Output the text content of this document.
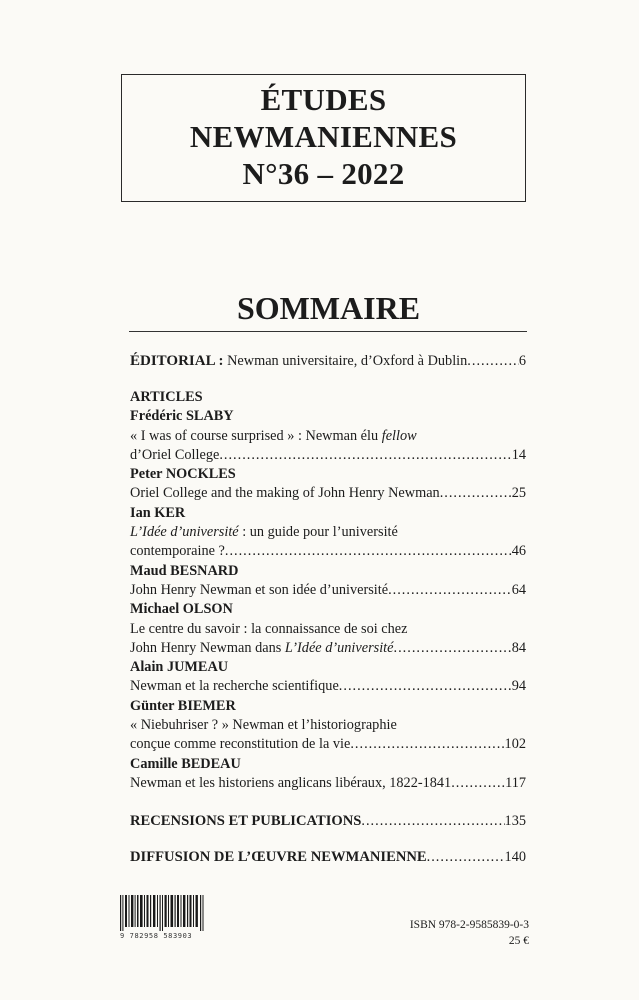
ÉTUDES
NEWMANIENNES
N°36 – 2022
SOMMAIRE
ÉDITORIAL : Newman universitaire, d’Oxford à Dublin .....	6
ARTICLES
Frédéric SLABY
« I was of course surprised » : Newman élu fellow
d’Oriel College .....	14
Peter NOCKLES
Oriel College and the making of John Henry Newman .....	25
Ian KER
L’Idée d’université : un guide pour l’université
contemporaine ? .....	46
Maud BESNARD
John Henry Newman et son idée d’université .....	64
Michael OLSON
Le centre du savoir : la connaissance de soi chez
John Henry Newman dans L’Idée d’université .....	84
Alain JUMEAU
Newman et la recherche scientifique .....	94
Günter BIEMER
« Niebuhriser ? » Newman et l’historiographie
conçue comme reconstitution de la vie .....	102
Camille BEDEAU
Newman et les historiens anglicans libéraux, 1822-1841 .....	117
RECENSIONS ET PUBLICATIONS .....	135
DIFFUSION DE L’ŒUVRE NEWMANIENNE .....	140
9 782958 583903
ISBN 978-2-9585839-0-3
25 €
